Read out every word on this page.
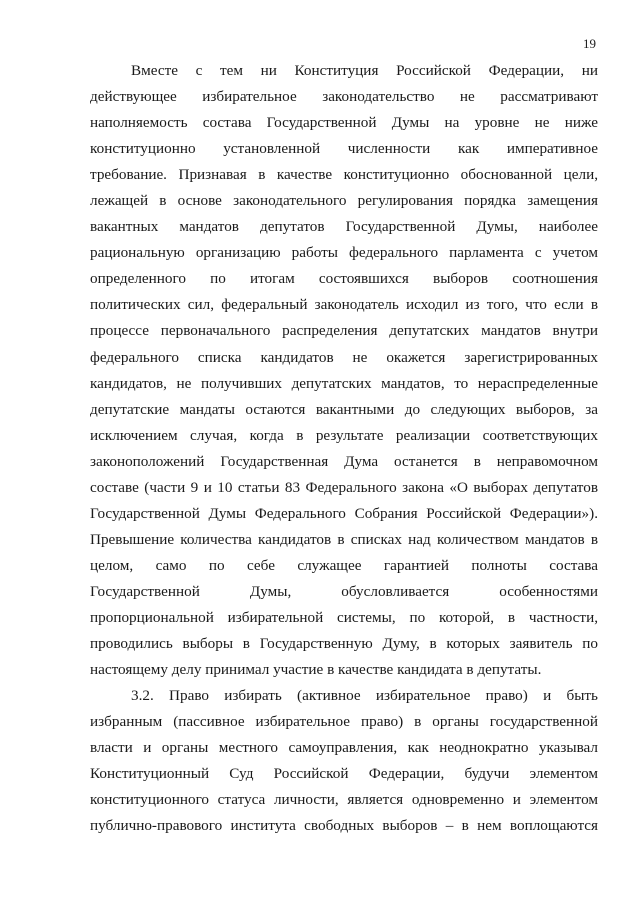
19
Вместе с тем ни Конституция Российской Федерации, ни
действующее избирательное законодательство не рассматривают
наполняемость состава Государственной Думы на уровне не ниже
конституционно установленной численности как императивное
требование. Признавая в качестве конституционно обоснованной цели,
лежащей в основе законодательного регулирования порядка замещения
вакантных мандатов депутатов Государственной Думы, наиболее
рациональную организацию работы федерального парламента с учетом
определенного по итогам состоявшихся выборов соотношения
политических сил, федеральный законодатель исходил из того, что если в
процессе первоначального распределения депутатских мандатов внутри
федерального списка кандидатов не окажется зарегистрированных
кандидатов, не получивших депутатских мандатов, то нераспределенные
депутатские мандаты остаются вакантными до следующих выборов, за
исключением случая, когда в результате реализации соответствующих
законоположений Государственная Дума останется в неправомочном
составе (части 9 и 10 статьи 83 Федерального закона «О выборах депутатов
Государственной Думы Федерального Собрания Российской Федерации»).
Превышение количества кандидатов в списках над количеством мандатов в
целом, само по себе служащее гарантией полноты состава
Государственной Думы, обусловливается особенностями
пропорциональной избирательной системы, по которой, в частности,
проводились выборы в Государственную Думу, в которых заявитель по
настоящему делу принимал участие в качестве кандидата в депутаты.
3.2. Право избирать (активное избирательное право) и быть
избранным (пассивное избирательное право) в органы государственной
власти и органы местного самоуправления, как неоднократно указывал
Конституционный Суд Российской Федерации, будучи элементом
конституционного статуса личности, является одновременно и элементом
публично-правового института свободных выборов – в нем воплощаются
